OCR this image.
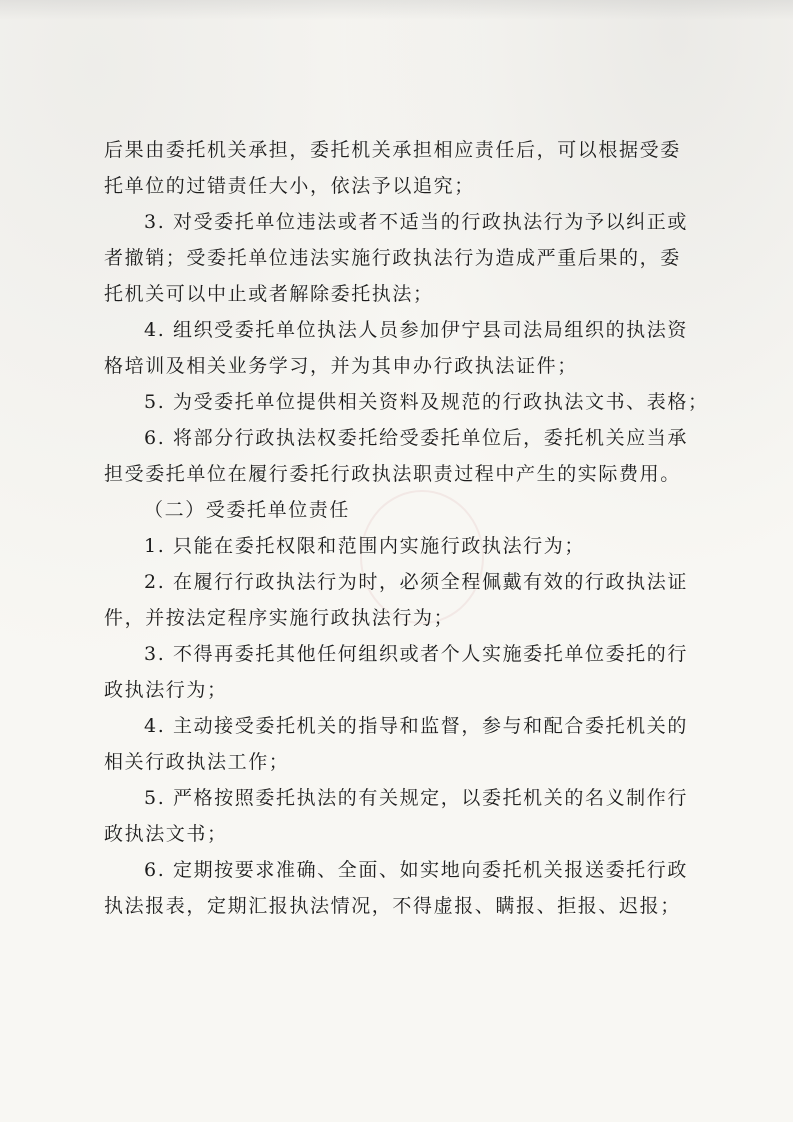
后果由委托机关承担，委托机关承担相应责任后，可以根据受委
托单位的过错责任大小，依法予以追究；
3. 对受委托单位违法或者不适当的行政执法行为予以纠正或
者撤销；受委托单位违法实施行政执法行为造成严重后果的，委
托机关可以中止或者解除委托执法；
4. 组织受委托单位执法人员参加伊宁县司法局组织的执法资
格培训及相关业务学习，并为其申办行政执法证件；
5. 为受委托单位提供相关资料及规范的行政执法文书、表格；
6. 将部分行政执法权委托给受委托单位后，委托机关应当承
担受委托单位在履行委托行政执法职责过程中产生的实际费用。
（二）受委托单位责任
1. 只能在委托权限和范围内实施行政执法行为；
2. 在履行行政执法行为时，必须全程佩戴有效的行政执法证
件，并按法定程序实施行政执法行为；
3. 不得再委托其他任何组织或者个人实施委托单位委托的行
政执法行为；
4. 主动接受委托机关的指导和监督，参与和配合委托机关的
相关行政执法工作；
5. 严格按照委托执法的有关规定，以委托机关的名义制作行
政执法文书；
6. 定期按要求准确、全面、如实地向委托机关报送委托行政
执法报表，定期汇报执法情况，不得虚报、瞒报、拒报、迟报；
